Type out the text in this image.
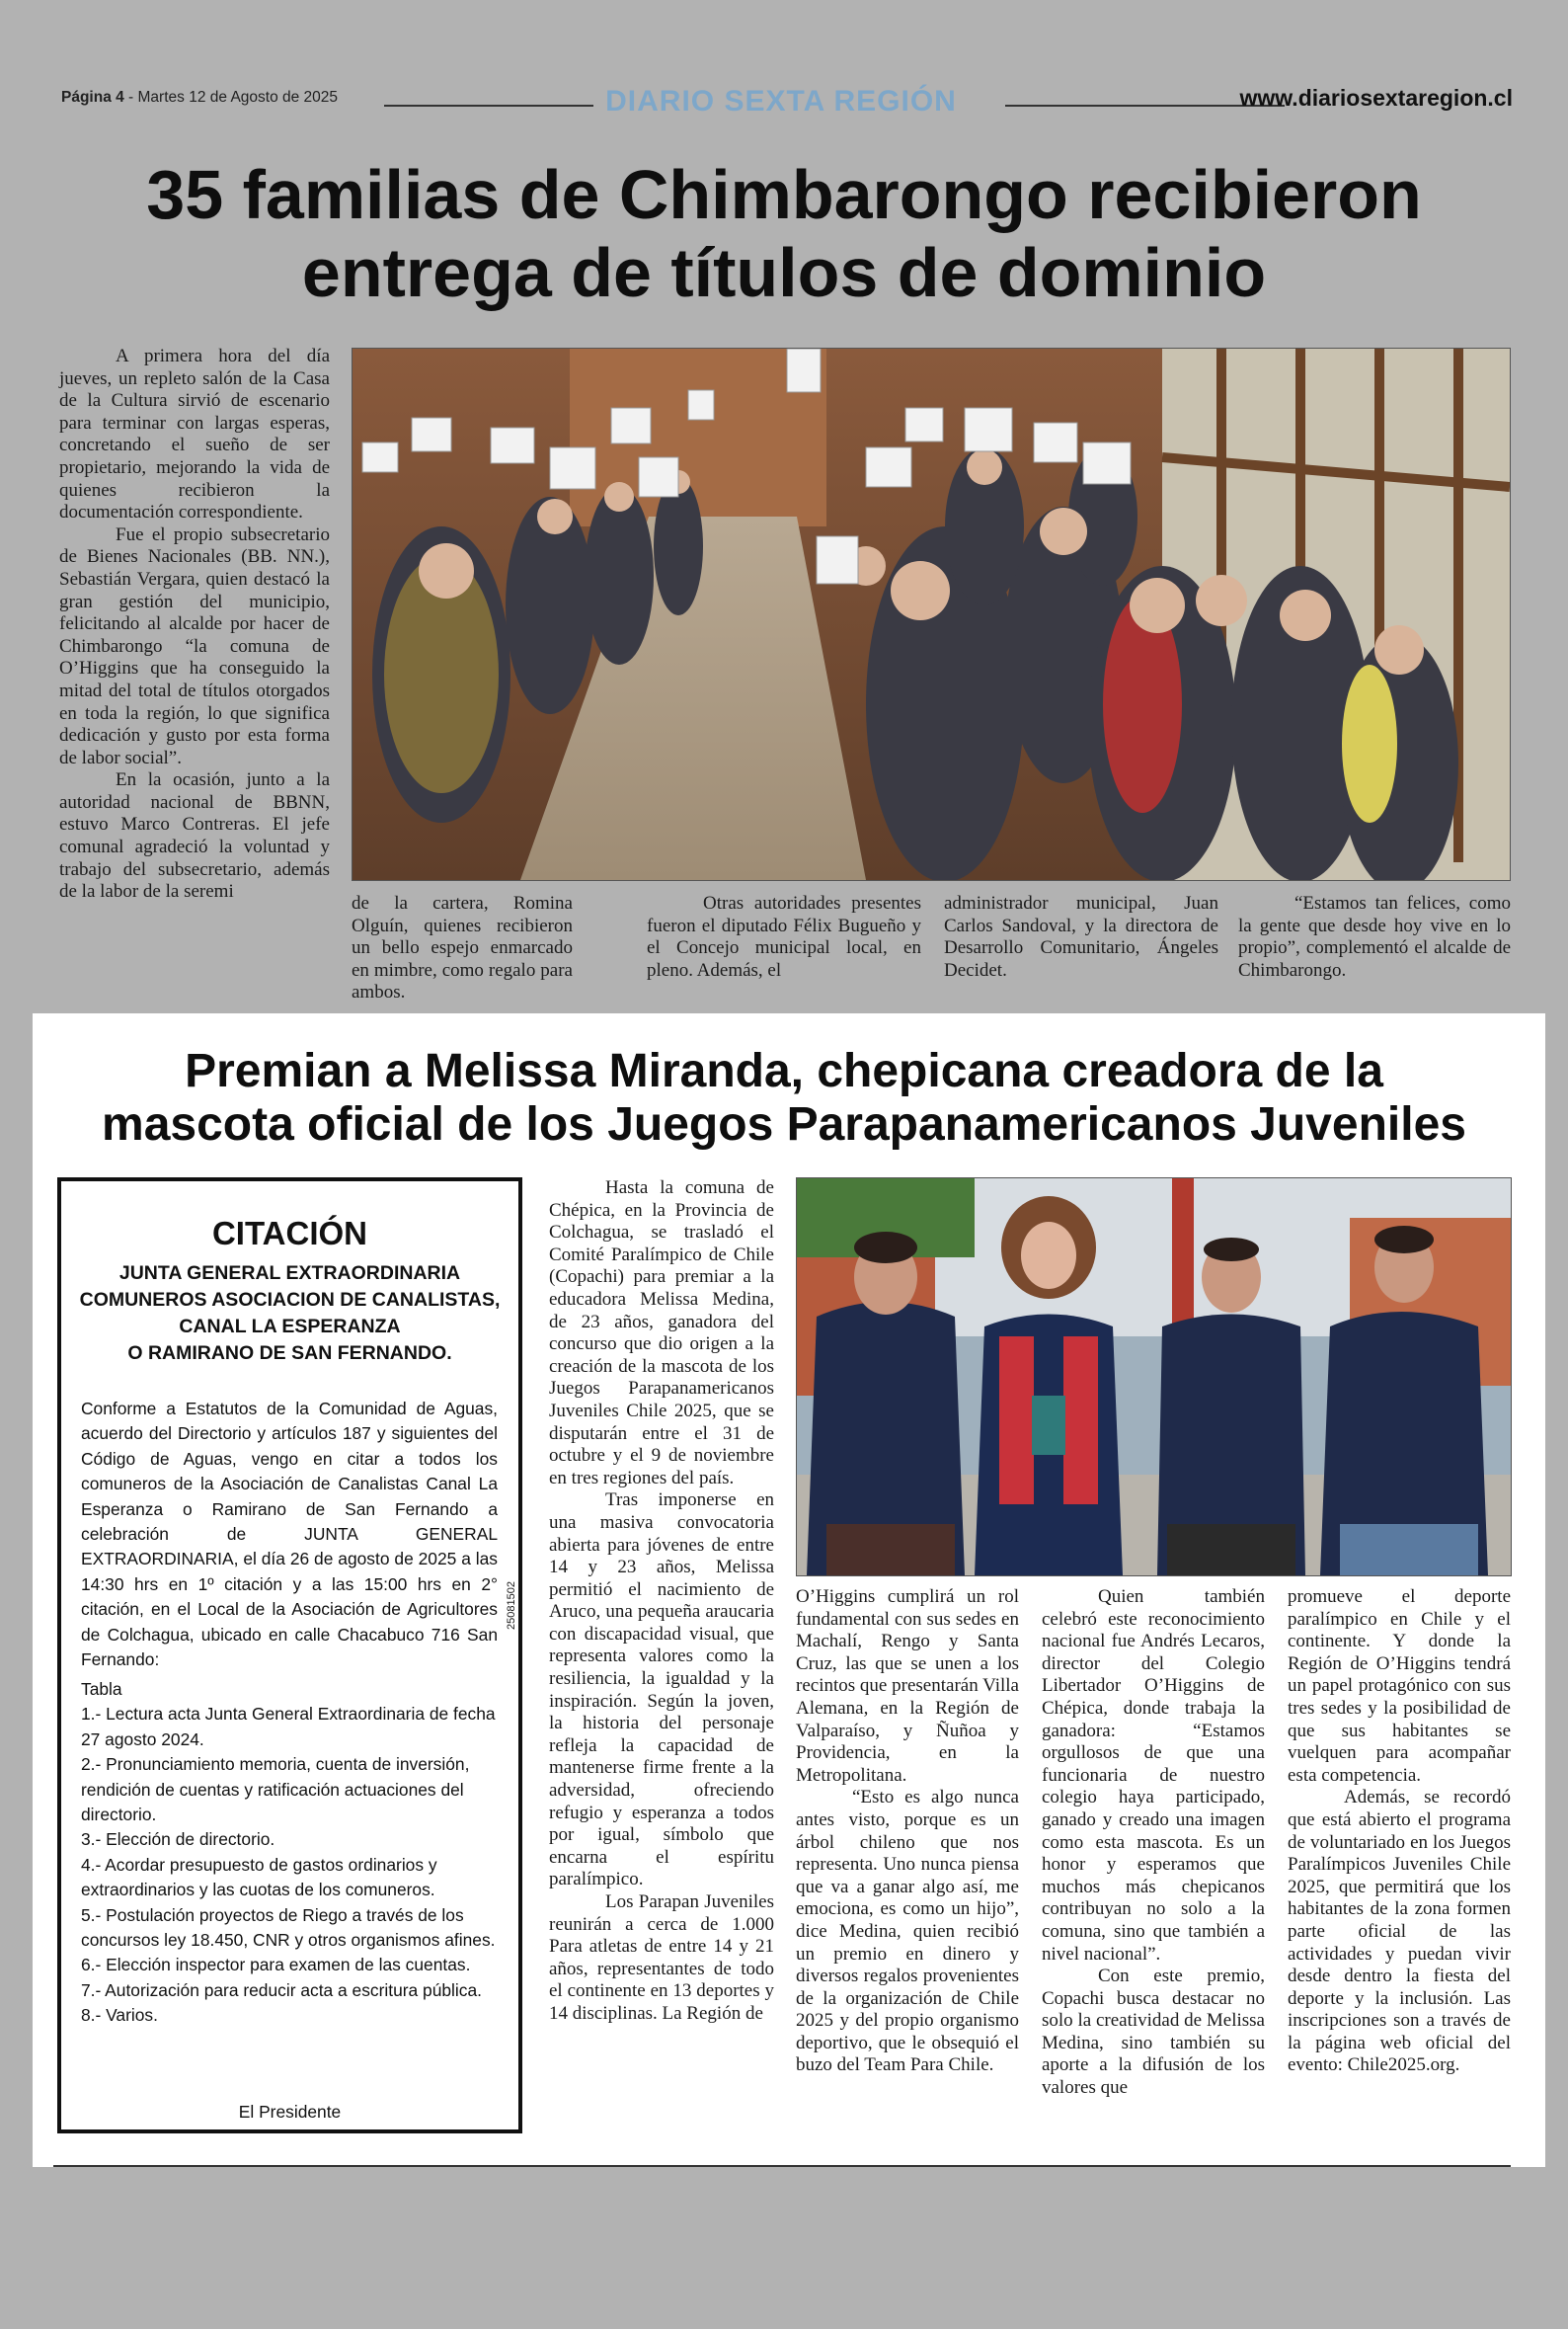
Página 4 - Martes 12 de Agosto de 2025	DIARIO SEXTA REGIÓN	www.diariosextaregion.cl
35 familias de Chimbarongo recibieron
entrega de títulos de dominio

A primera hora del día jueves, un repleto salón de la Casa de la Cultura sirvió de escenario para terminar con largas esperas, concretando el sueño de ser propietario, mejorando la vida de quienes recibieron la documentación correspondiente.

Fue el propio subsecretario de Bienes Nacionales (BB. NN.), Sebastián Vergara, quien destacó la gran gestión del municipio, felicitando al alcalde por hacer de Chimbarongo “la comuna de O’Higgins que ha conseguido la mitad del total de títulos otorgados en toda la región, lo que significa dedicación y gusto por esta forma de labor social”.

En la ocasión, junto a la autoridad nacional de BBNN, estuvo Marco Contreras. El jefe comunal agradeció la voluntad y trabajo del subsecretario, además de la labor de la seremi

de la cartera, Romina Olguín, quienes recibieron un bello espejo enmarcado en mimbre, como regalo para ambos.

Otras autoridades presentes fueron el diputado Félix Bugueño y el Concejo municipal local, en pleno. Además, el

administrador municipal, Juan Carlos Sandoval, y la directora de Desarrollo Comunitario, Ángeles Decidet.

“Estamos tan felices, como la gente que desde hoy vive en lo propio”, complementó el alcalde de Chimbarongo.

Premian a Melissa Miranda, chepicana creadora de la
mascota oficial de los Juegos Parapanamericanos Juveniles
CITACIÓN
JUNTA GENERAL EXTRAORDINARIA
COMUNEROS ASOCIACION DE CANALISTAS,
CANAL LA ESPERANZA
O RAMIRANO DE SAN FERNANDO.
Conforme a Estatutos de la Comunidad de Aguas, acuerdo del Directorio y artículos 187 y siguientes del Código de Aguas, vengo en citar a todos los comuneros de la Asociación de Canalistas Canal La Esperanza o Ramirano de San Fernando a celebración de JUNTA GENERAL EXTRAORDINARIA, el día 26 de agosto de 2025 a las 14:30 hrs en 1º citación y a las 15:00 hrs en 2° citación, en el Local de la Asociación de Agricultores de Colchagua, ubicado en calle Chacabuco 716 San Fernando:
Tabla
1.- Lectura acta Junta General Extraordinaria de fecha 27 agosto 2024.
2.- Pronunciamiento memoria, cuenta de inversión, rendición de cuentas y ratificación actuaciones del directorio.
3.- Elección de directorio.
4.- Acordar presupuesto de gastos ordinarios y extraordinarios y las cuotas de los comuneros.
5.- Postulación proyectos de Riego a través de los concursos ley 18.450, CNR y otros organismos afines.
6.- Elección inspector para examen de las cuentas.
7.- Autorización para reducir acta a escritura pública.
8.- Varios.
El Presidente
25081502

Hasta la comuna de Chépica, en la Provincia de Colchagua, se trasladó el Comité Paralímpico de Chile (Copachi) para premiar a la educadora Melissa Medina, de 23 años, ganadora del concurso que dio origen a la creación de la mascota de los Juegos Parapanamericanos Juveniles Chile 2025, que se disputarán entre el 31 de octubre y el 9 de noviembre en tres regiones del país.

Tras imponerse en una masiva convocatoria abierta para jóvenes de entre 14 y 23 años, Melissa permitió el nacimiento de Aruco, una pequeña araucaria con discapacidad visual, que representa valores como la resiliencia, la igualdad y la inspiración. Según la joven, la historia del personaje refleja la capacidad de mantenerse firme frente a la adversidad, ofreciendo refugio y esperanza a todos por igual, símbolo que encarna el espíritu paralímpico.

Los Parapan Juveniles reunirán a cerca de 1.000 Para atletas de entre 14 y 21 años, representantes de todo el continente en 13 deportes y 14 disciplinas. La Región de

O’Higgins cumplirá un rol fundamental con sus sedes en Machalí, Rengo y Santa Cruz, las que se unen a los recintos que presentarán Villa Alemana, en la Región de Valparaíso, y Ñuñoa y Providencia, en la Metropolitana.

“Esto es algo nunca antes visto, porque es un árbol chileno que nos representa. Uno nunca piensa que va a ganar algo así, me emociona, es como un hijo”, dice Medina, quien recibió un premio en dinero y diversos regalos provenientes de la organización de Chile 2025 y del propio organismo deportivo, que le obsequió el buzo del Team Para Chile.

Quien también celebró este reconocimiento nacional fue Andrés Lecaros, director del Colegio Libertador O’Higgins de Chépica, donde trabaja la ganadora: “Estamos orgullosos de que una funcionaria de nuestro colegio haya participado, ganado y creado una imagen como esta mascota. Es un honor y esperamos que muchos más chepicanos contribuyan no solo a la comuna, sino que también a nivel nacional”.

Con este premio, Copachi busca destacar no solo la creatividad de Melissa Medina, sino también su aporte a la difusión de los valores que

promueve el deporte paralímpico en Chile y el continente. Y donde la Región de O’Higgins tendrá un papel protagónico con sus tres sedes y la posibilidad de que sus habitantes se vuelquen para acompañar esta competencia.

Además, se recordó que está abierto el programa de voluntariado en los Juegos Paralímpicos Juveniles Chile 2025, que permitirá que los habitantes de la zona formen parte oficial de las actividades y puedan vivir desde dentro la fiesta del deporte y la inclusión. Las inscripciones son a través de la página web oficial del evento: Chile2025.org.
